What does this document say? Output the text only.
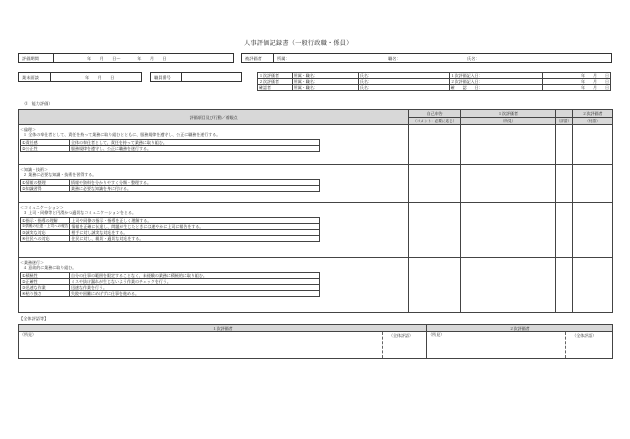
人事評価記録書（一般行政職・係員）
評価期間	年　　月　　日～　　　　年　　月　　日	被評価者	所属：	職名：	氏名：
業末面談	年　　月　　日	職員番号	１次評価者	所属・職名：	氏名：	１次評価記入日：	年　　月　　日
２次評価者	所属・職名：	氏名：	２次評価記入日：	年　　月　　日
確認者	所属・職名：	氏名：	確　　認　　日：	年　　月　　日
（Ⅰ　能力評価）
評価項目及び行動／着眼点	自己申告	１次評価者		２次評価者
（コメント：必要に応じ）	（所見）	（評語）	（付語）

＜倫理＞
１ 全体の奉仕者として、責任を持って業務に取り組むとともに、服務規律を遵守し、公正に職務を遂行する。
①責任感	全体の奉仕者として、責任を持って業務に取り組む。
②公正性	服務規律を遵守し、公正に職務を遂行する。

＜知識・技術＞
２ 業務に必要な知識・技術を習得する。
①情報の整理	情報や資料を分かりやすく分類・整理する。
②知識習得	業務に必要な知識を身に付ける。

＜コミュニケーション＞
３ 上司・同僚等と円滑かつ適切なコミュニケーションをとる。
①指示・指導の理解	上司や同僚の指示・指導を正しく理解する。
②情報の伝達・上司への報告	情報を正確に伝達し、問題が生じたときには速やかに上司に報告をする。
③誠実な対応	相手に対し誠実な対応をする。
④住民への対応	住民に対し、親切・適切な対応をする。

＜業務遂行＞
４ 意欲的に業務に取り組む。
①積極性	自分の仕事の範囲を限定することなく、未経験の業務に積極的に取り組む。
②正確性	ミスや抜け漏れが生じないよう作業のチェックを行う。
③迅速な作業	迅速な作業を行う。
④粘り強さ	失敗や困難にめげずに仕事を進める。

【全体評語等】
１次評価者	２次評価者
（所見） （全体評語）	（所見） （全体評語）
